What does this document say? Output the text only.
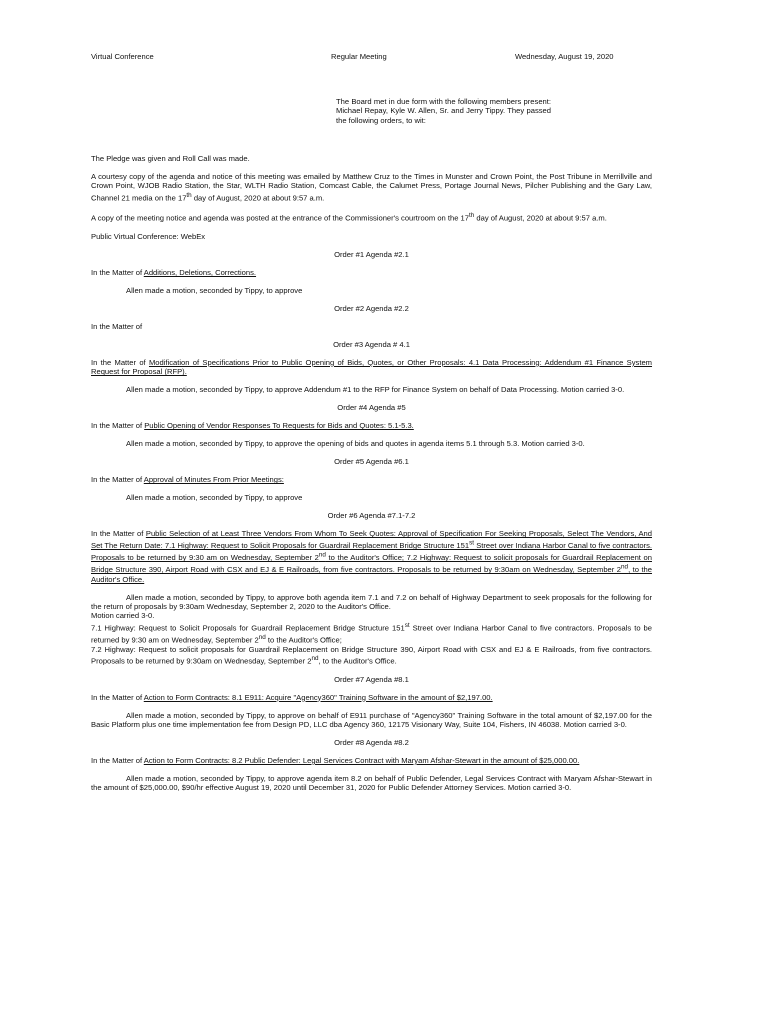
Virtual Conference	Regular Meeting	Wednesday, August 19, 2020
The Board met in due form with the following members present: Michael Repay, Kyle W. Allen, Sr. and Jerry Tippy. They passed the following orders, to wit:

The Pledge was given and Roll Call was made.

A courtesy copy of the agenda and notice of this meeting was emailed by Matthew Cruz to the Times in Munster and Crown Point, the Post Tribune in Merrillville and Crown Point, WJOB Radio Station, the Star, WLTH Radio Station, Comcast Cable, the Calumet Press, Portage Journal News, Pilcher Publishing and the Gary Law, Channel 21 media on the 17th day of August, 2020 at about 9:57 a.m.

A copy of the meeting notice and agenda was posted at the entrance of the Commissioner's courtroom on the 17th day of August, 2020 at about 9:57 a.m.

Public Virtual Conference: WebEx

Order #1 Agenda #2.1

In the Matter of Additions, Deletions, Corrections.

Allen made a motion, seconded by Tippy, to approve

Order #2 Agenda #2.2

In the Matter of

Order #3 Agenda # 4.1

In the Matter of Modification of Specifications Prior to Public Opening of Bids, Quotes, or Other Proposals: 4.1 Data Processing: Addendum #1 Finance System Request for Proposal (RFP).

Allen made a motion, seconded by Tippy, to approve Addendum #1 to the RFP for Finance System on behalf of Data Processing. Motion carried 3-0.

Order #4 Agenda #5

In the Matter of Public Opening of Vendor Responses To Requests for Bids and Quotes: 5.1-5.3.

Allen made a motion, seconded by Tippy, to approve the opening of bids and quotes in agenda items 5.1 through 5.3. Motion carried 3-0.

Order #5 Agenda #6.1

In the Matter of Approval of Minutes From Prior Meetings:

Allen made a motion, seconded by Tippy, to approve

Order #6 Agenda #7.1-7.2

In the Matter of Public Selection of at Least Three Vendors From Whom To Seek Quotes: Approval of Specification For Seeking Proposals, Select The Vendors, And Set The Return Date: 7.1 Highway: Request to Solicit Proposals for Guardrail Replacement Bridge Structure 151st Street over Indiana Harbor Canal to five contractors. Proposals to be returned by 9:30 am on Wednesday, September 2nd to the Auditor's Office; 7.2 Highway: Request to solicit proposals for Guardrail Replacement on Bridge Structure 390, Airport Road with CSX and EJ & E Railroads, from five contractors. Proposals to be returned by 9:30am on Wednesday, September 2nd, to the Auditor's Office.

Allen made a motion, seconded by Tippy, to approve both agenda item 7.1 and 7.2 on behalf of Highway Department to seek proposals for the following for the return of proposals by 9:30am Wednesday, September 2, 2020 to the Auditor's Office.
Motion carried 3-0.
7.1 Highway: Request to Solicit Proposals for Guardrail Replacement Bridge Structure 151st Street over Indiana Harbor Canal to five contractors. Proposals to be returned by 9:30 am on Wednesday, September 2nd to the Auditor's Office;
7.2 Highway: Request to solicit proposals for Guardrail Replacement on Bridge Structure 390, Airport Road with CSX and EJ & E Railroads, from five contractors. Proposals to be returned by 9:30am on Wednesday, September 2nd, to the Auditor's Office.

Order #7 Agenda #8.1

In the Matter of Action to Form Contracts: 8.1 E911: Acquire "Agency360" Training Software in the amount of $2,197.00.

Allen made a motion, seconded by Tippy, to approve on behalf of E911 purchase of "Agency360" Training Software in the total amount of $2,197.00 for the Basic Platform plus one time implementation fee from Design PD, LLC dba Agency 360, 12175 Visionary Way, Suite 104, Fishers, IN 46038. Motion carried 3-0.

Order #8 Agenda #8.2

In the Matter of Action to Form Contracts: 8.2 Public Defender: Legal Services Contract with Maryam Afshar-Stewart in the amount of $25,000.00.

Allen made a motion, seconded by Tippy, to approve agenda item 8.2 on behalf of Public Defender, Legal Services Contract with Maryam Afshar-Stewart in the amount of $25,000.00, $90/hr effective August 19, 2020 until December 31, 2020 for Public Defender Attorney Services. Motion carried 3-0.
